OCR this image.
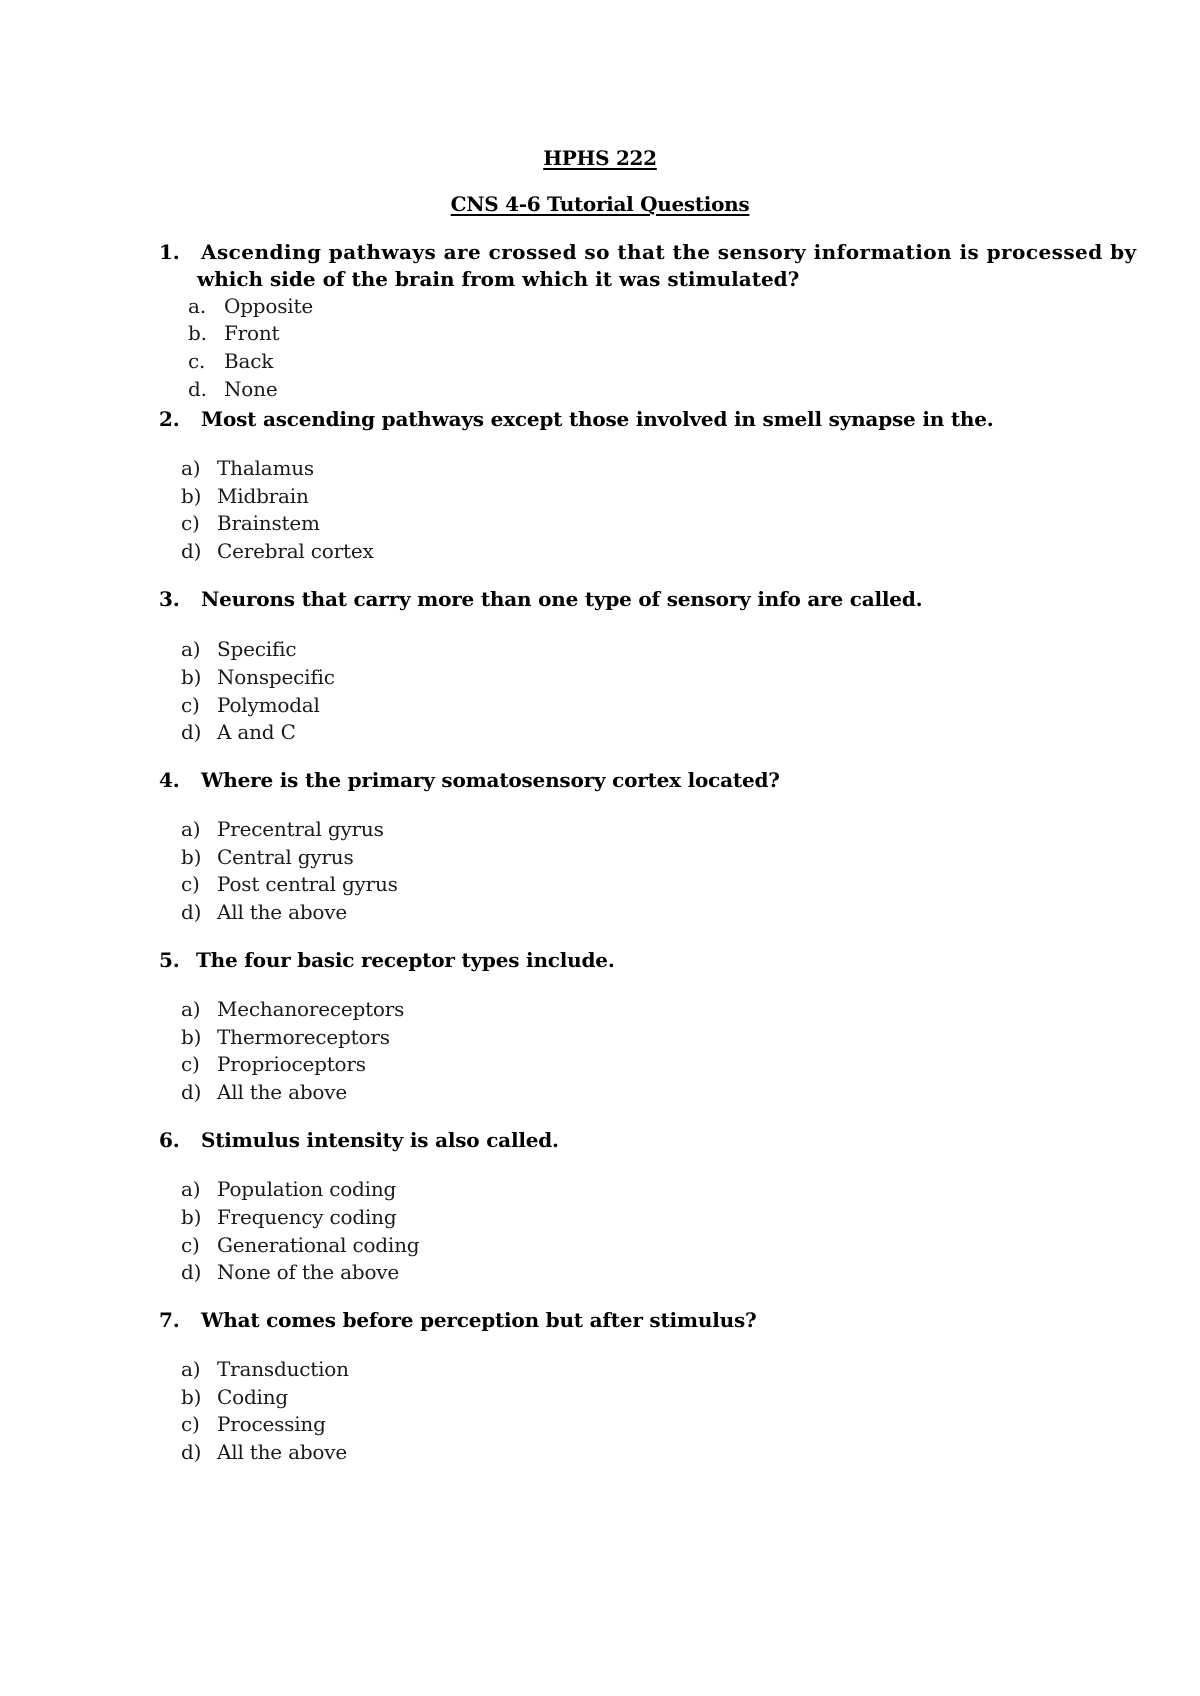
HPHS 222
CNS 4-6 Tutorial Questions
1. Ascending pathways are crossed so that the sensory information is processed by
which side of the brain from which it was stimulated?
a. Opposite
b. Front
c. Back
d. None
2. Most ascending pathways except those involved in smell synapse in the.
a) Thalamus
b) Midbrain
c) Brainstem
d) Cerebral cortex
3. Neurons that carry more than one type of sensory info are called.
a) Specific
b) Nonspecific
c) Polymodal
d) A and C
4. Where is the primary somatosensory cortex located?
a) Precentral gyrus
b) Central gyrus
c) Post central gyrus
d) All the above
5. The four basic receptor types include.
a) Mechanoreceptors
b) Thermoreceptors
c) Proprioceptors
d) All the above
6. Stimulus intensity is also called.
a) Population coding
b) Frequency coding
c) Generational coding
d) None of the above
7. What comes before perception but after stimulus?
a) Transduction
b) Coding
c) Processing
d) All the above
